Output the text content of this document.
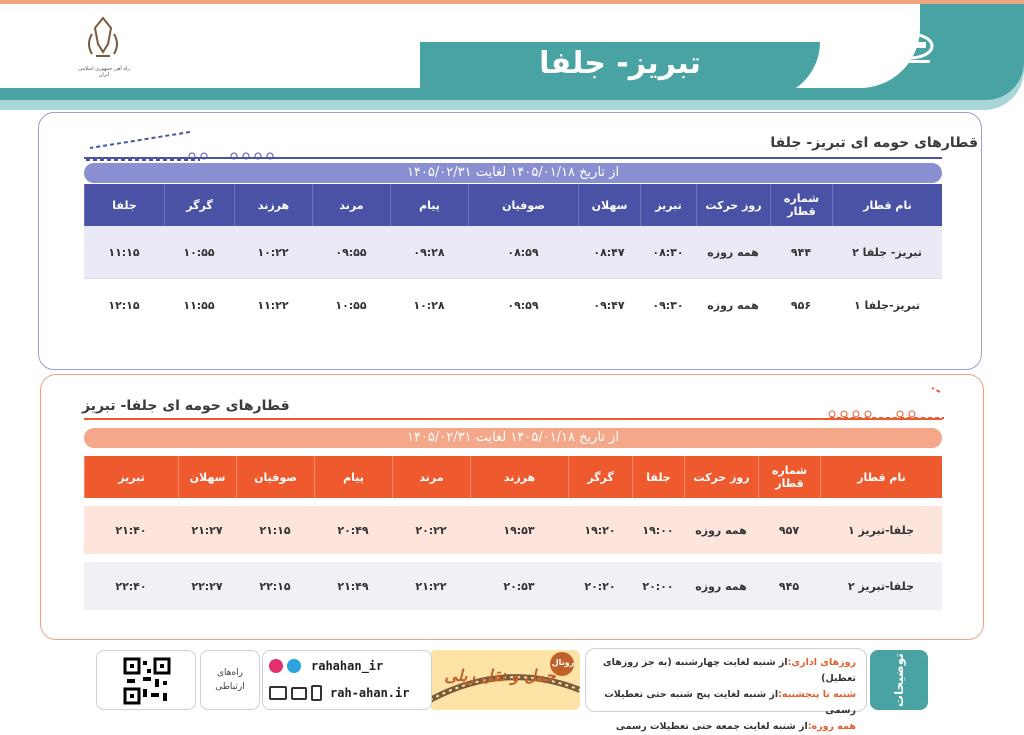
تبریز- جلفا
راه آهن جمهوری اسلامی ایران
قطارهای حومه ای تبریز- جلفا
از تاریخ ۱۴۰۵/۰۱/۱۸ لغایت ۱۴۰۵/۰۲/۳۱
نام قطار	شماره قطار	روز حرکت	تبریز	سهلان	صوفیان	پیام	مرند	هرزند	گرگر	جلفا
تبریز- جلفا ۲	۹۴۴	همه روزه	۰۸:۳۰	۰۸:۴۷	۰۸:۵۹	۰۹:۲۸	۰۹:۵۵	۱۰:۲۲	۱۰:۵۵	۱۱:۱۵
تبریز-جلفا ۱	۹۵۶	همه روزه	۰۹:۳۰	۰۹:۴۷	۰۹:۵۹	۱۰:۲۸	۱۰:۵۵	۱۱:۲۲	۱۱:۵۵	۱۲:۱۵
قطارهای حومه ای جلفا- تبریز
از تاریخ ۱۴۰۵/۰۱/۱۸ لغایت ۱۴۰۵/۰۲/۳۱
نام قطار	شماره قطار	روز حرکت	جلفا	گرگر	هرزند	مرند	پیام	صوفیان	سهلان	تبریز

جلفا-تبریز ۱	۹۵۷	همه روزه	۱۹:۰۰	۱۹:۲۰	۱۹:۵۳	۲۰:۲۲	۲۰:۴۹	۲۱:۱۵	۲۱:۲۷	۲۱:۴۰

جلفا-تبریز ۲	۹۴۵	همه روزه	۲۰:۰۰	۲۰:۲۰	۲۰:۵۳	۲۱:۲۲	۲۱:۴۹	۲۲:۱۵	۲۲:۲۷	۲۲:۴۰
توضیحات
روزهای اداری:از شنبه لغایت چهارشنبه (به جز روزهای تعطیل)
شنبه تا پنجشنبه:از شنبه لغایت پنج شنبه حتی تعطیلات رسمی
همه روزه:از شنبه لغایت جمعه حتی تعطیلات رسمی
رونال
حمل و نقل ریلی
rahahan_ir
rah-ahan.ir
راه‌های ارتباطی
